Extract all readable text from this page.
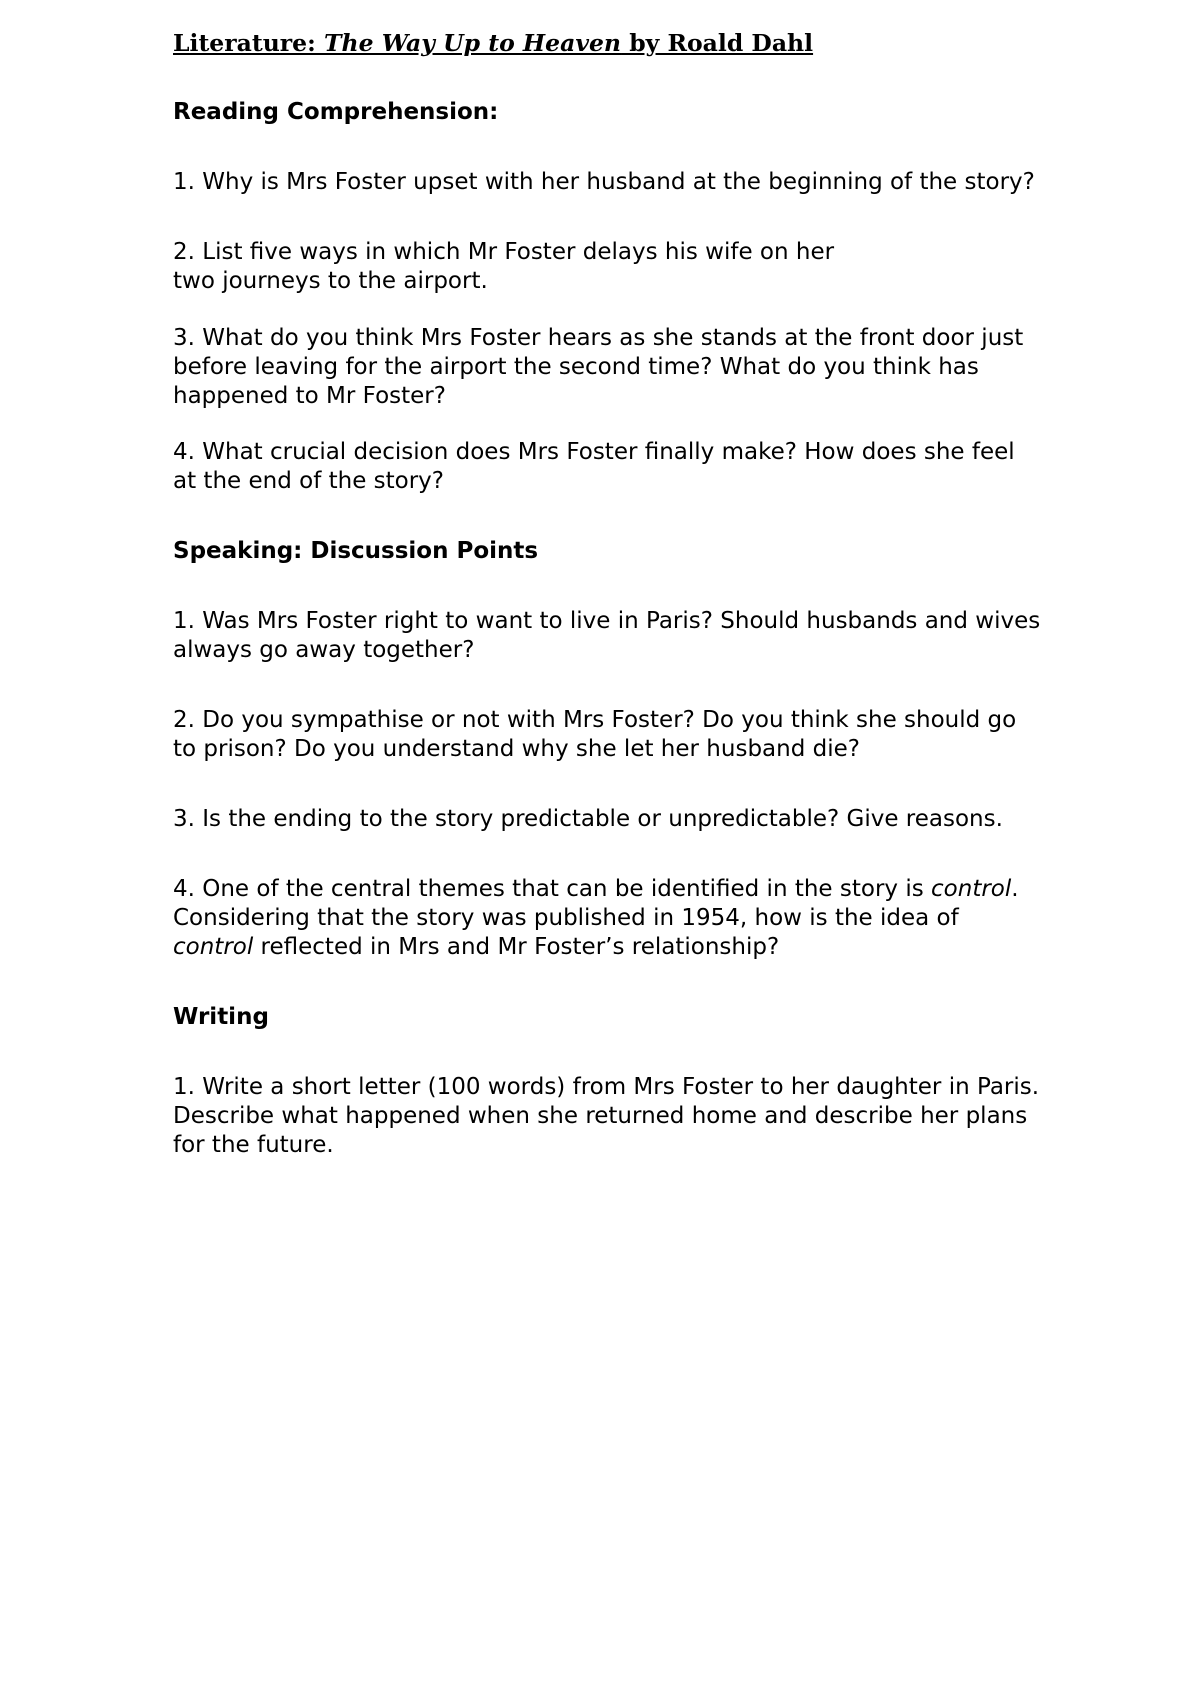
Literature: The Way Up to Heaven by Roald Dahl

Reading Comprehension:

1. Why is Mrs Foster upset with her husband at the beginning of the story?

2. List five ways in which Mr Foster delays his wife on her
two journeys to the airport.

3. What do you think Mrs Foster hears as she stands at the front door just before leaving for the airport the second time? What do you think has happened to Mr Foster?

4. What crucial decision does Mrs Foster finally make? How does she feel at the end of the story?

Speaking: Discussion Points

1. Was Mrs Foster right to want to live in Paris? Should husbands and wives always go away together?

2. Do you sympathise or not with Mrs Foster? Do you think she should go to prison? Do you understand why she let her husband die?

3. Is the ending to the story predictable or unpredictable? Give reasons.

4. One of the central themes that can be identified in the story is control. Considering that the story was published in 1954, how is the idea of control reflected in Mrs and Mr Foster’s relationship?

Writing

1. Write a short letter (100 words) from Mrs Foster to her daughter in Paris. Describe what happened when she returned home and describe her plans for the future.
